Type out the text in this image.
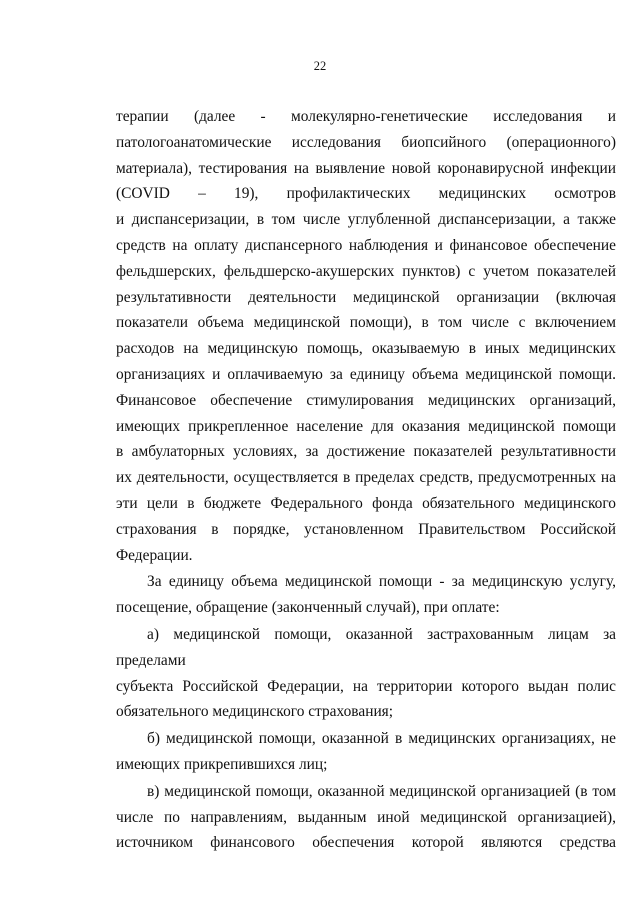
22
терапии (далее - молекулярно-генетические исследования и
патологоанатомические исследования биопсийного (операционного)
материала), тестирования на выявление новой коронавирусной инфекции
(COVID – 19), профилактических медицинских осмотров
и диспансеризации, в том числе углубленной диспансеризации, а также
средств на оплату диспансерного наблюдения и финансовое обеспечение
фельдшерских, фельдшерско-акушерских пунктов) с учетом показателей
результативности деятельности медицинской организации (включая
показатели объема медицинской помощи), в том числе с включением
расходов на медицинскую помощь, оказываемую в иных медицинских
организациях и оплачиваемую за единицу объема медицинской помощи.
Финансовое обеспечение стимулирования медицинских организаций,
имеющих прикрепленное население для оказания медицинской помощи
в амбулаторных условиях, за достижение показателей результативности
их деятельности, осуществляется в пределах средств, предусмотренных на
эти цели в бюджете Федерального фонда обязательного медицинского
страхования в порядке, установленном Правительством Российской
Федерации.
За единицу объема медицинской помощи - за медицинскую услугу,
посещение, обращение (законченный случай), при оплате:
а) медицинской помощи, оказанной застрахованным лицам за пределами
субъекта Российской Федерации, на территории которого выдан полис
обязательного медицинского страхования;
б) медицинской помощи, оказанной в медицинских организациях, не
имеющих прикрепившихся лиц;
в) медицинской помощи, оказанной медицинской организацией (в том
числе по направлениям, выданным иной медицинской организацией),
источником финансового обеспечения которой являются средства
